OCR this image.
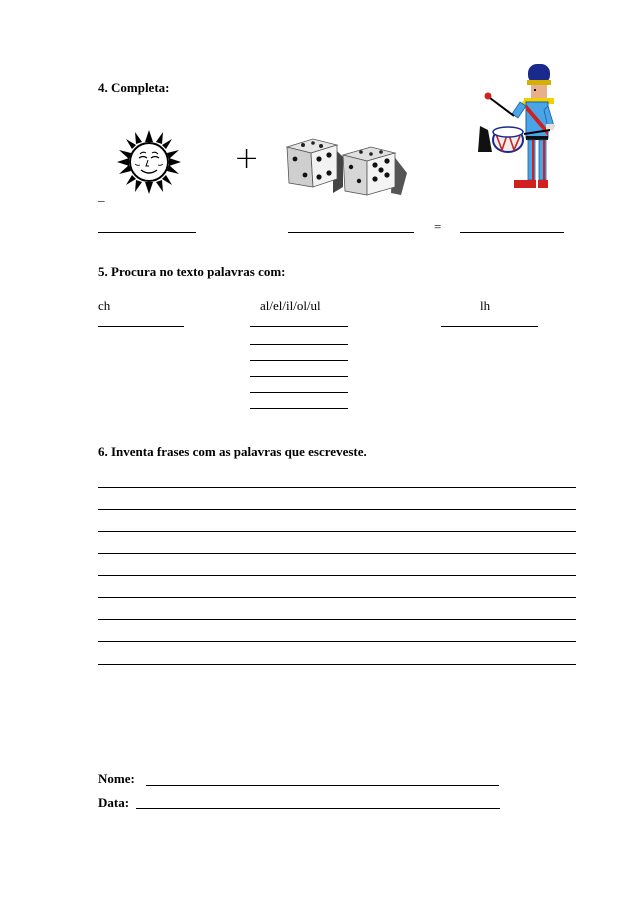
4. Completa:
+
_
=
5. Procura no texto palavras com:
ch	al/el/il/ol/ul	lh
6. Inventa frases com as palavras que escreveste.
Nome:
Data:
